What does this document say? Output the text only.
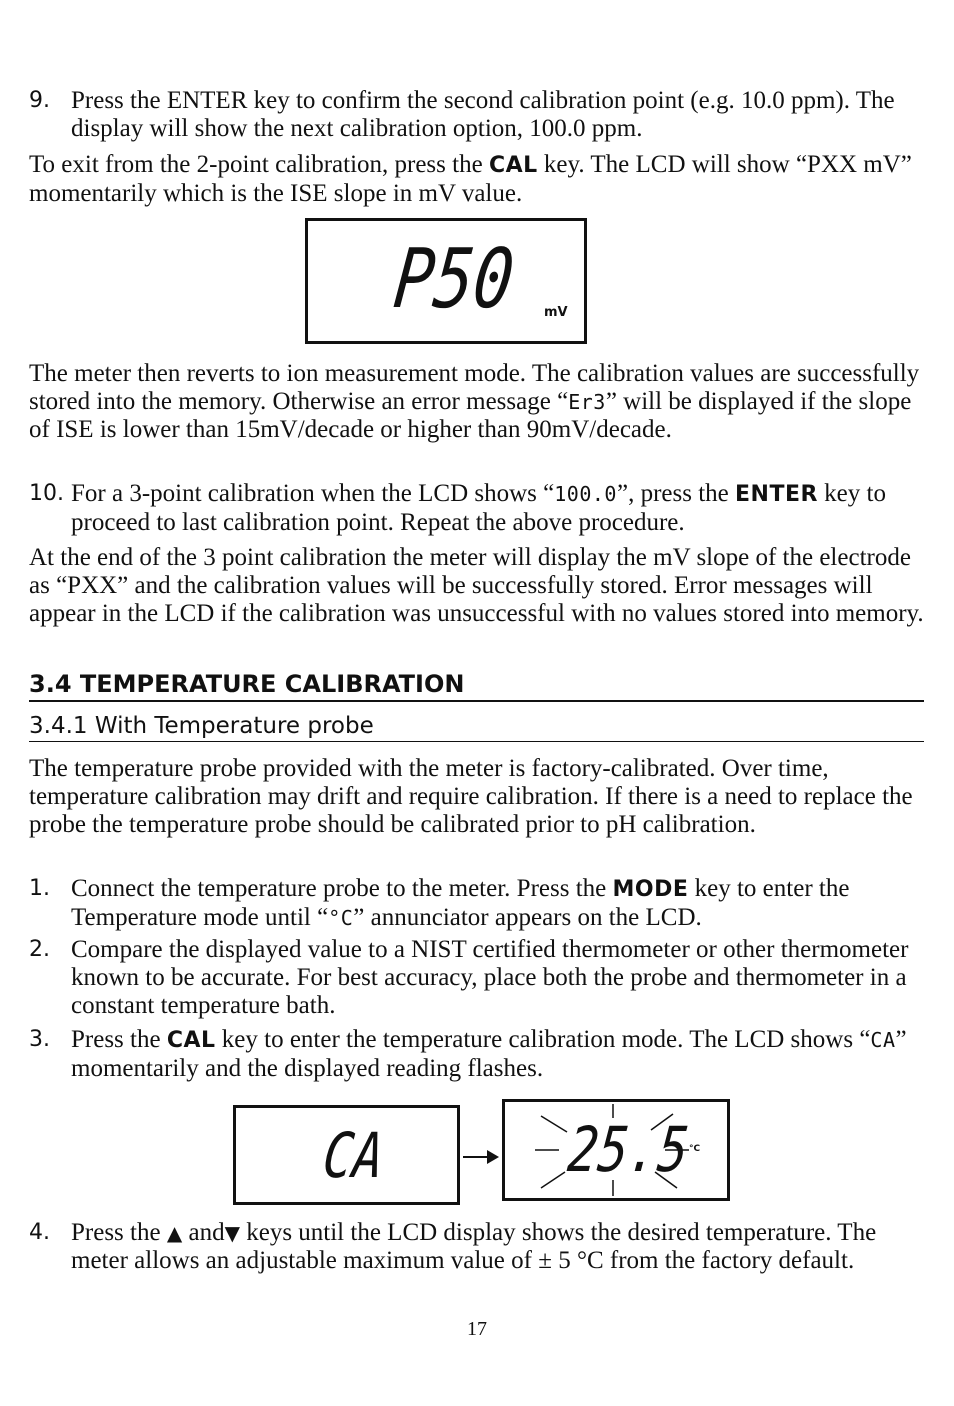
9. Press the ENTER key to confirm the second calibration point (e.g. 10.0 ppm). The display will show the next calibration option, 100.0 ppm.

To exit from the 2-point calibration, press the CAL key. The LCD will show “PXX mV” momentarily which is the ISE slope in mV value.

P50 mV

The meter then reverts to ion measurement mode. The calibration values are successfully stored into the memory. Otherwise an error message “Er3” will be displayed if the slope of ISE is lower than 15mV/decade or higher than 90mV/decade.

10. For a 3-point calibration when the LCD shows “100.0”, press the ENTER key to proceed to last calibration point. Repeat the above procedure.

At the end of the 3 point calibration the meter will display the mV slope of the electrode as “PXX” and the calibration values will be successfully stored. Error messages will appear in the LCD if the calibration was unsuccessful with no values stored into memory.

3.4 TEMPERATURE CALIBRATION
3.4.1 With Temperature probe

The temperature probe provided with the meter is factory-calibrated. Over time, temperature calibration may drift and require calibration. If there is a need to replace the probe the temperature probe should be calibrated prior to pH calibration.

1. Connect the temperature probe to the meter. Press the MODE key to enter the Temperature mode until “°C” annunciator appears on the LCD.
2. Compare the displayed value to a NIST certified thermometer or other thermometer known to be accurate. For best accuracy, place both the probe and thermometer in a constant temperature bath.
3. Press the CAL key to enter the temperature calibration mode. The LCD shows “CA” momentarily and the displayed reading flashes.
CA	25.5
°C
4. Press the ▲ and▼ keys until the LCD display shows the desired temperature. The meter allows an adjustable maximum value of ± 5 °C from the factory default.
17
